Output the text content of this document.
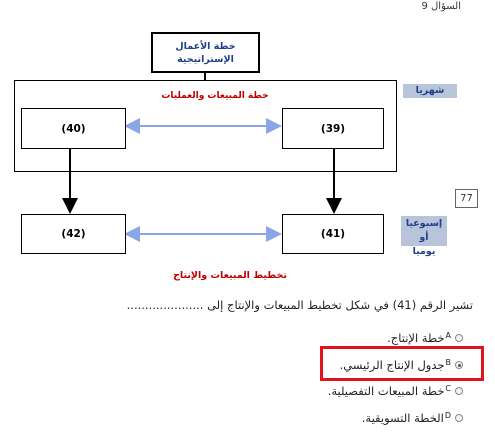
السؤال 9
خطة الأعمال
الإستراتيجية
خطة المبيعات والعمليات
(40)	(39)
(42)	(41)
شهريا
إسبوعيا أو
يوميا
77
تخطيط المبيعات والإنتاج
تشير الرقم (41) في شكل تخطيط المبيعات والإنتاج إلى .....................
A
خطة الإنتاج.
B
جدول الإنتاج الرئيسي.
C
خطة المبيعات التفصيلية.
D
الخطة التسويقية.
